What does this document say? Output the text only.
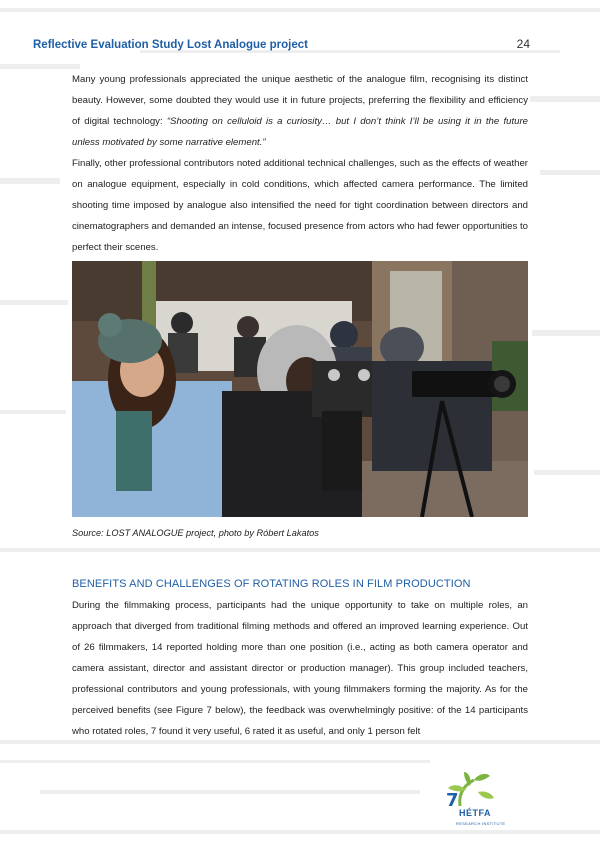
Reflective Evaluation Study Lost Analogue project	24

Many young professionals appreciated the unique aesthetic of the analogue film, recognising its distinct beauty. However, some doubted they would use it in future projects, preferring the flexibility and efficiency of digital technology: “Shooting on celluloid is a curiosity… but I don’t think I’ll be using it in the future unless motivated by some narrative element.”

Finally, other professional contributors noted additional technical challenges, such as the effects of weather on analogue equipment, especially in cold conditions, which affected camera performance. The limited shooting time imposed by analogue also intensified the need for tight coordination between directors and cinematographers and demanded an intense, focused presence from actors who had fewer opportunities to perfect their scenes.

Source: LOST ANALOGUE project, photo by Róbert Lakatos
BENEFITS AND CHALLENGES OF ROTATING ROLES IN FILM PRODUCTION

During the filmmaking process, participants had the unique opportunity to take on multiple roles, an approach that diverged from traditional filming methods and offered an improved learning experience. Out of 26 filmmakers, 14 reported holding more than one position (i.e., acting as both camera operator and camera assistant, director and assistant director or production manager). This group included teachers, professional contributors and young professionals, with young filmmakers forming the majority. As for the perceived benefits (see Figure 7 below), the feedback was overwhelmingly positive: of the 14 participants who rotated roles, 7 found it very useful, 6 rated it as useful, and only 1 person felt

7
HÉTFA
RESEARCH INSTITUTE
